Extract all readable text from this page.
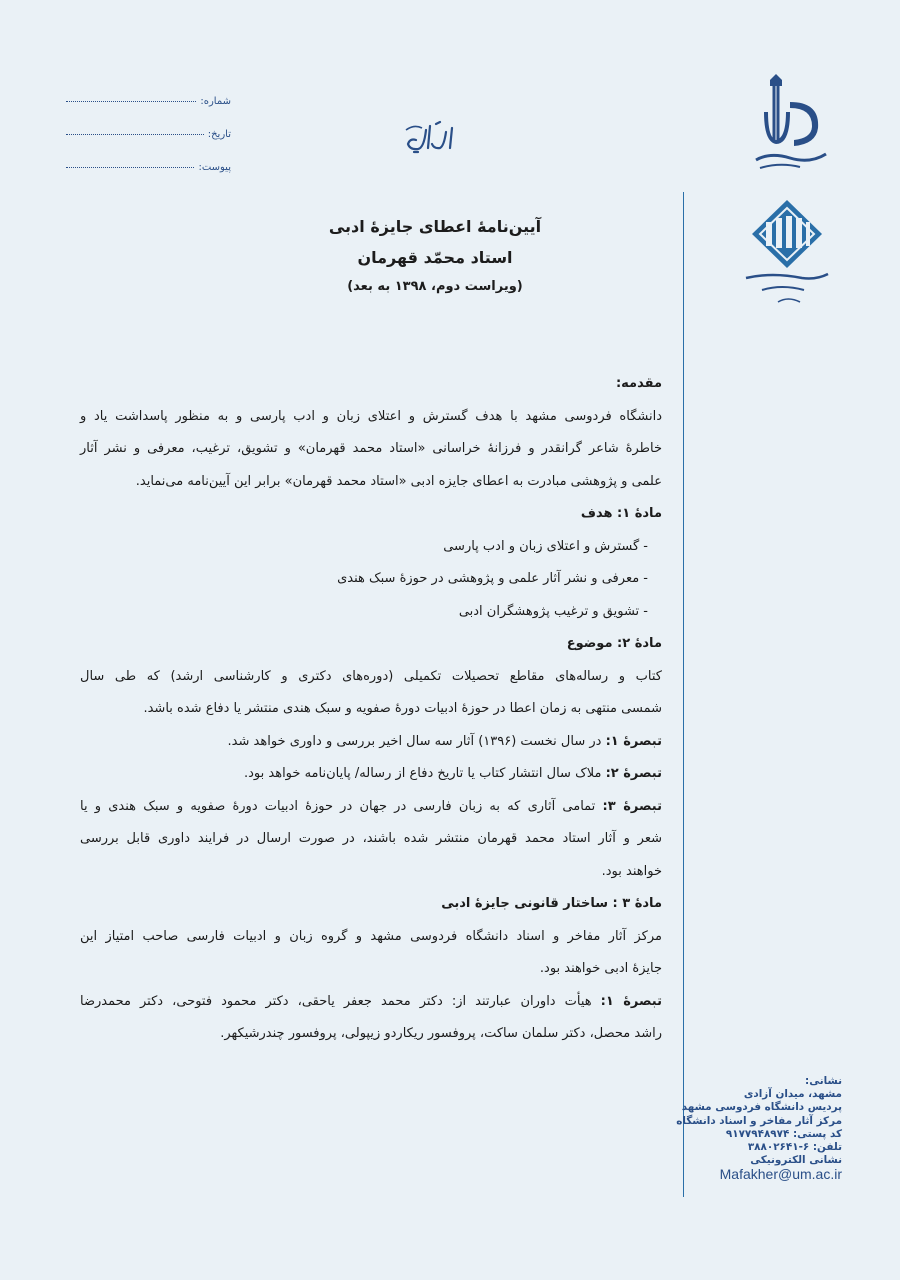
شماره:
تاریخ:
پیوست:
نشانی:
مشهد، میدان آزادی
پردیس دانشگاه فردوسی مشهد
مرکز آثار مفاخر و اسناد دانشگاه
کد پستی: ۹۱۷۷۹۴۸۹۷۴
تلفن: ۶-۳۸۸۰۲۶۴۱
نشانی الکترونیکی
Mafakher@um.ac.ir
آیین‌نامهٔ اعطای جایزهٔ ادبی
استاد محمّد قهرمان
(ویراست دوم، ۱۳۹۸ به بعد)
مقدمه:
دانشگاه فردوسی مشهد با هدف گسترش و اعتلای زبان و ادب پارسی و به منظور پاسداشت یاد و
خاطرهٔ شاعر گرانقدر و فرزانهٔ خراسانی «استاد محمد قهرمان» و تشویق، ترغیب، معرفی و نشر آثار
علمی و پژوهشی مبادرت به اعطای جایزه ادبی «استاد محمد قهرمان» برابر این آیین‌نامه می‌نماید.
مادهٔ ۱: هدف
- گسترش و اعتلای زبان و ادب پارسی
- معرفی و نشر آثار علمی و پژوهشی در حوزهٔ سبک هندی
- تشویق و ترغیب پژوهشگران ادبی
مادهٔ ۲: موضوع
کتاب و رساله‌های مقاطع تحصیلات تکمیلی (دوره‌های دکتری و کارشناسی ارشد) که طی سال
شمسی منتهی به زمان اعطا در حوزهٔ ادبیات دورهٔ صفویه و سبک هندی منتشر یا دفاع شده باشد.
تبصرهٔ ۱: در سال نخست (۱۳۹۶) آثار سه سال اخیر بررسی و داوری خواهد شد.
تبصرهٔ ۲: ملاک سال انتشار کتاب یا تاریخ دفاع از رساله/ پایان‌نامه خواهد بود.
تبصرهٔ ۳: تمامی آثاری که به زبان فارسی در جهان در حوزهٔ ادبیات دورهٔ صفویه و سبک هندی و یا
شعر و آثار استاد محمد قهرمان منتشر شده باشند، در صورت ارسال در فرایند داوری قابل بررسی
خواهند بود.
مادهٔ ۳ : ساختار قانونی جایزهٔ ادبی
مرکز آثار مفاخر و اسناد دانشگاه فردوسی مشهد و گروه زبان و ادبیات فارسی صاحب امتیاز این
جایزهٔ ادبی خواهند بود.
تبصرهٔ ۱: هیأت داوران عبارتند از: دکتر محمد جعفر یاحقی، دکتر محمود فتوحی، دکتر محمدرضا
راشد محصل، دکتر سلمان ساکت، پروفسور ریکاردو زیپولی، پروفسور چندرشیکهر.
